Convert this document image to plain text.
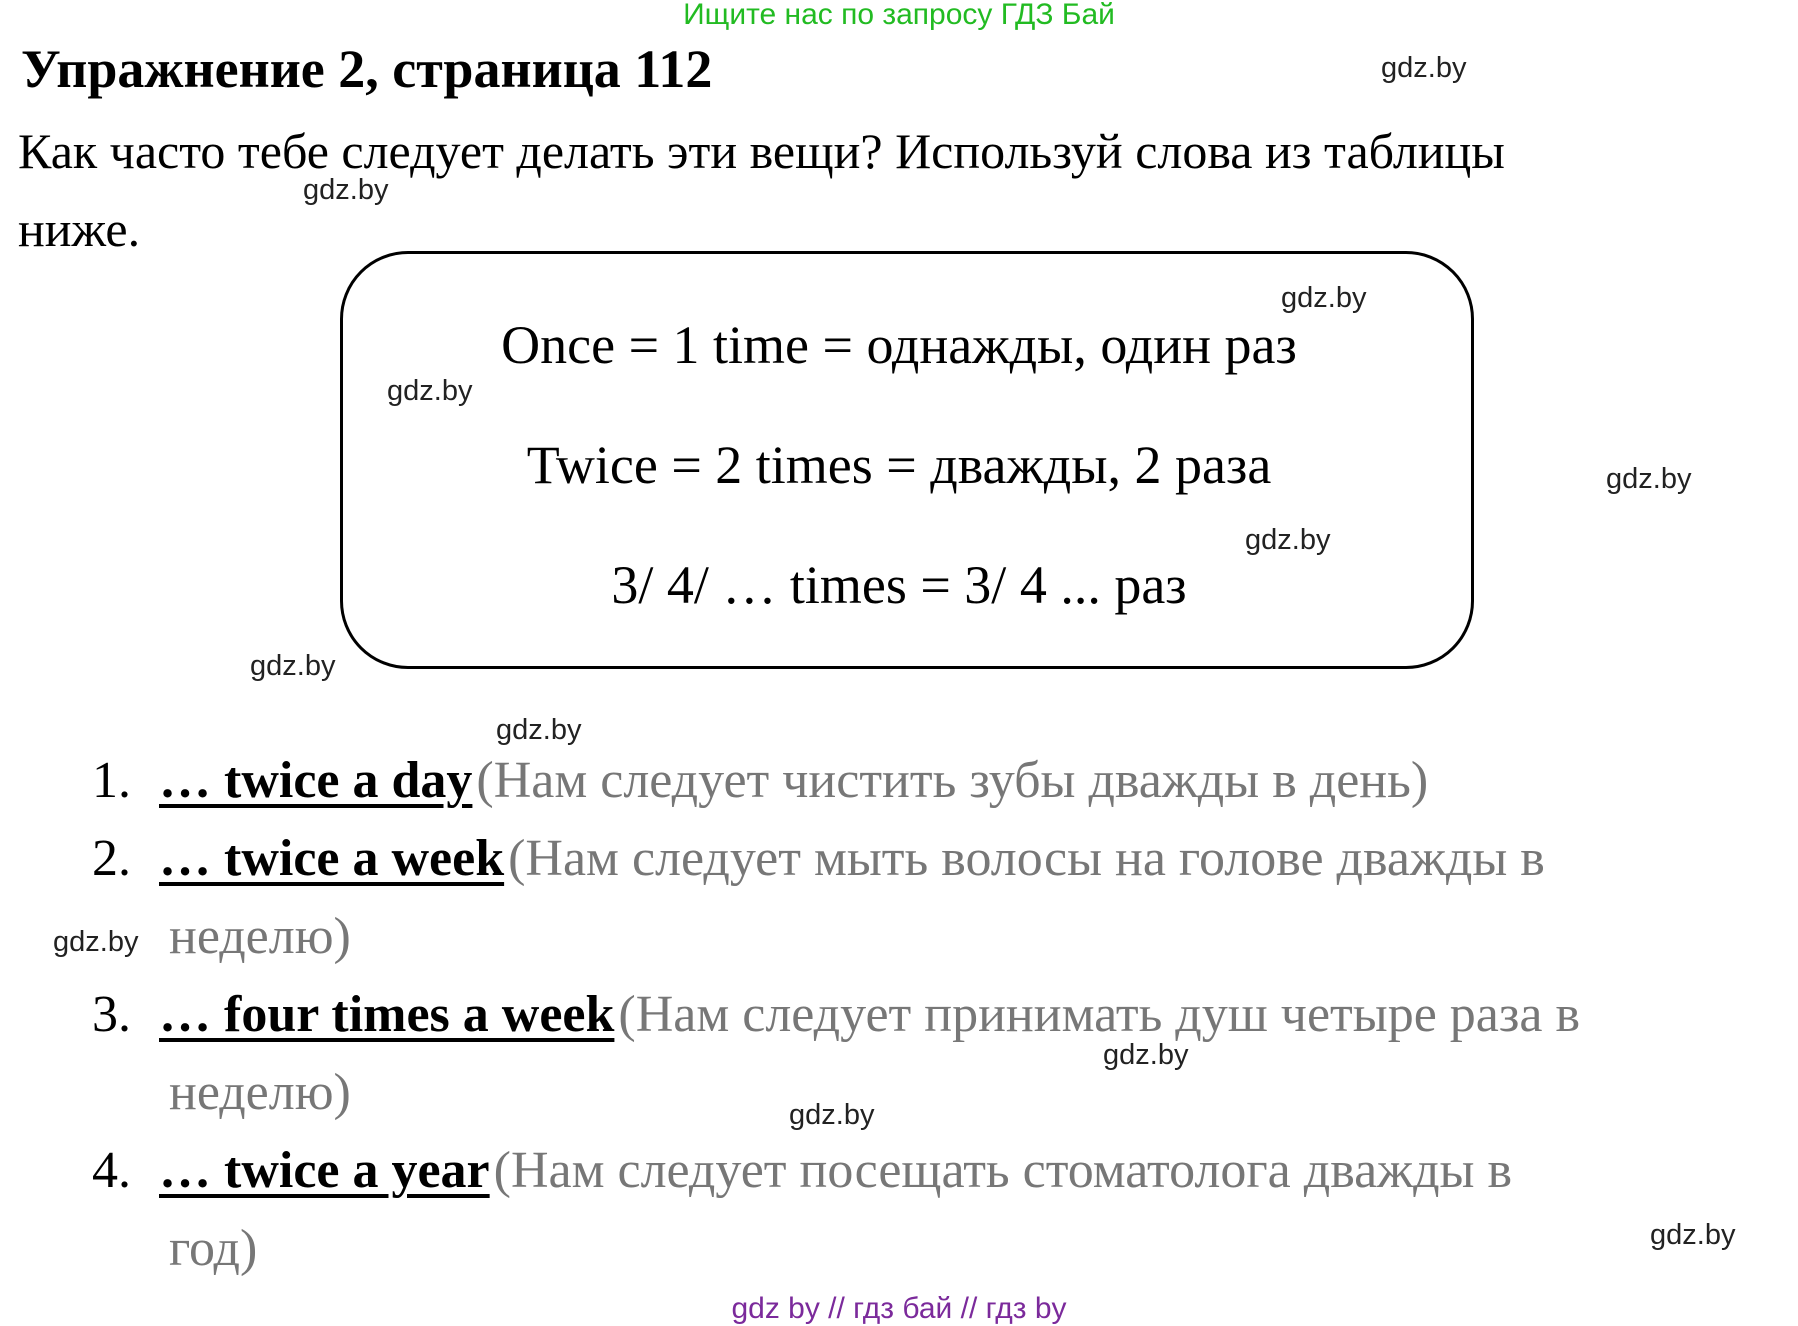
Ищите нас по запросу ГДЗ Бай
Упражнение 2, страница 112
Как часто тебе следует делать эти вещи? Используй слова из таблицы
ниже.
Once = 1 time = однажды, один раз
Twice = 2 times = дважды, 2 раза
3/ 4/ … times = 3/ 4 ... раз
1. … twice a day (Нам следует чистить зубы дважды в день)
2. … twice a week (Нам следует мыть волосы на голове дважды в
неделю)
3. … four times a week (Нам следует принимать душ четыре раза в
неделю)
4. … twice a year (Нам следует посещать стоматолога дважды в
год)
gdz.by
gdz.by
gdz.by
gdz.by
gdz.by
gdz.by
gdz.by
gdz.by
gdz.by
gdz.by
gdz.by
gdz.by
gdz by // гдз бай // гдз by
